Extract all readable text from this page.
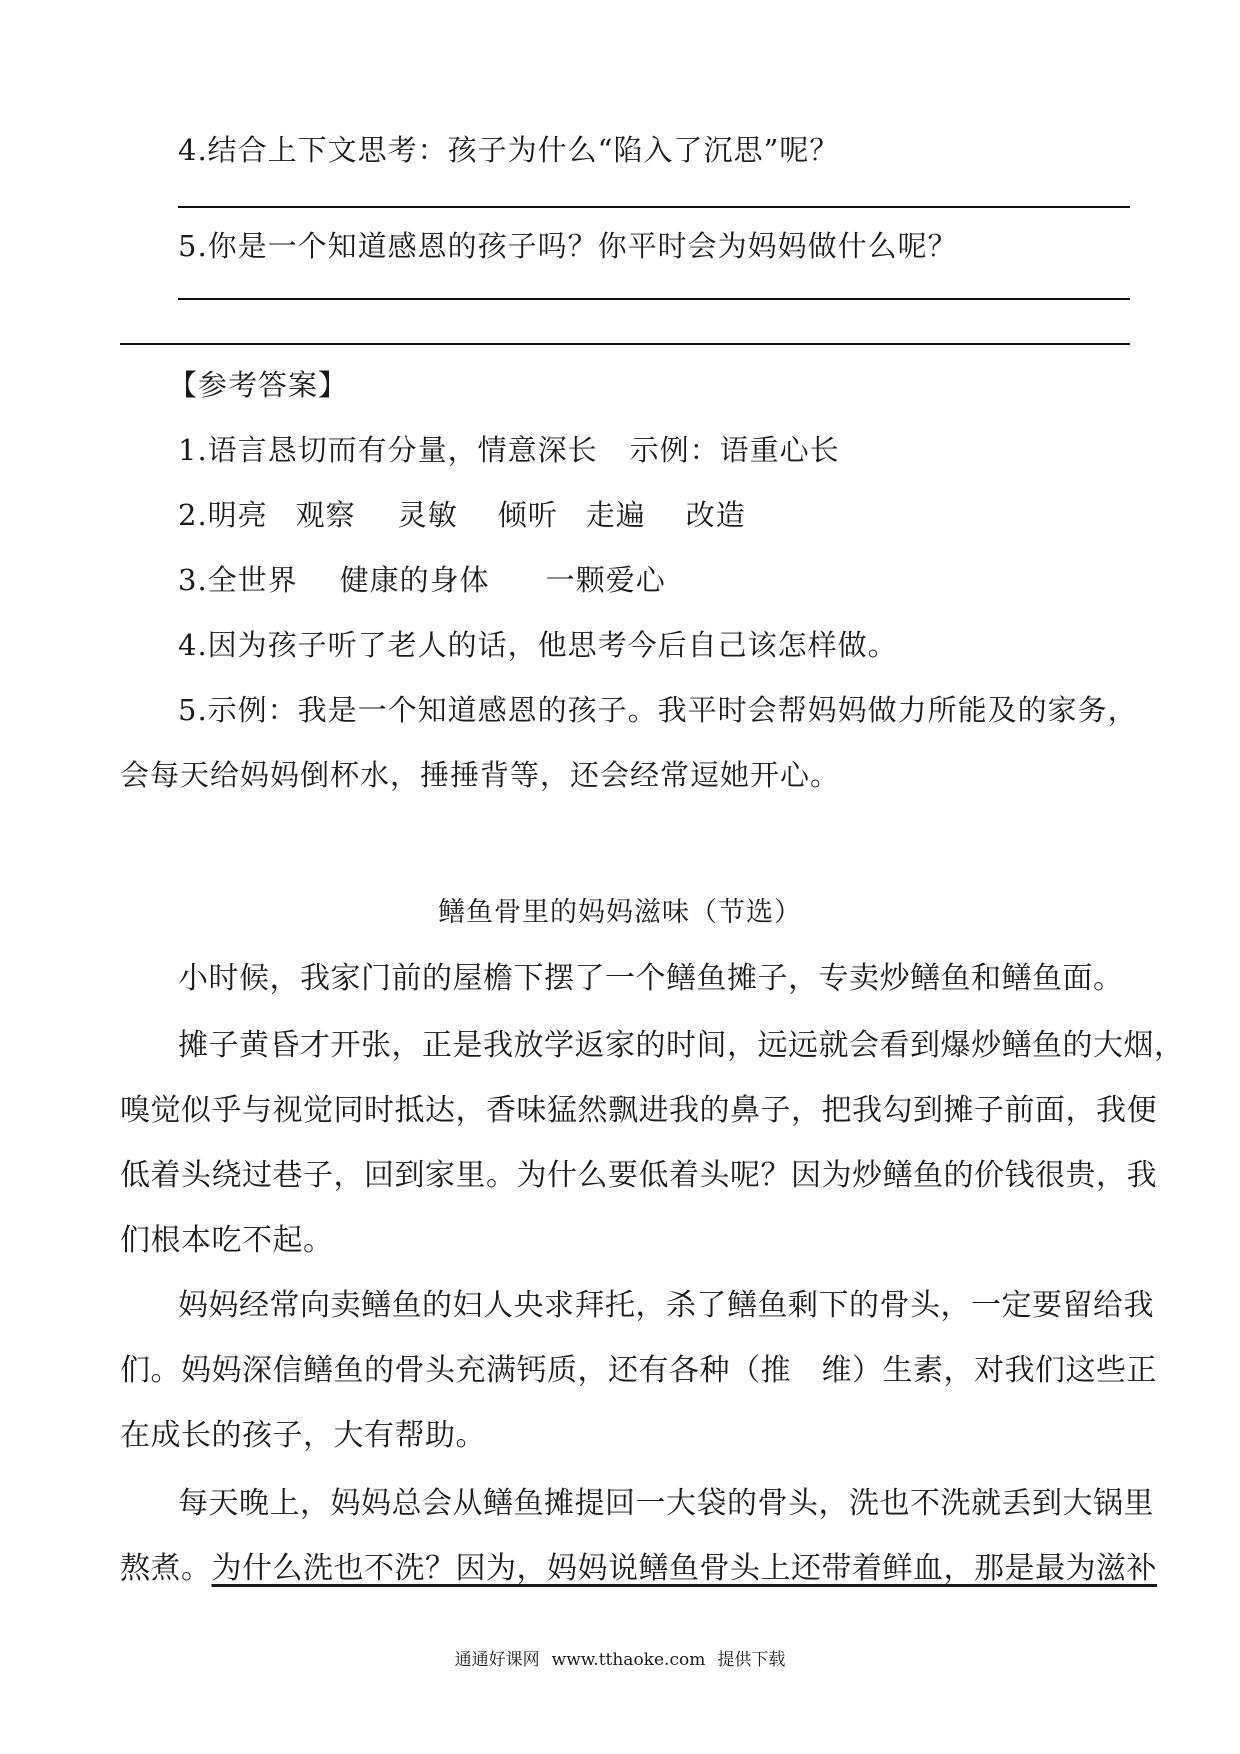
4.结合上下文思考：孩子为什么“陷入了沉思”呢？
5.你是一个知道感恩的孩子吗？你平时会为妈妈做什么呢？
【参考答案】
1.语言恳切而有分量，情意深长 示例：语重心长
2.明亮 观察 灵敏 倾听 走遍 改造
3.全世界 健康的身体 一颗爱心
4.因为孩子听了老人的话，他思考今后自己该怎样做。
5.示例：我是一个知道感恩的孩子。我平时会帮妈妈做力所能及的家务，
会每天给妈妈倒杯水，捶捶背等，还会经常逗她开心。
鳝鱼骨里的妈妈滋味（节选）
小时候，我家门前的屋檐下摆了一个鳝鱼摊子，专卖炒鳝鱼和鳝鱼面。
摊子黄昏才开张，正是我放学返家的时间，远远就会看到爆炒鳝鱼的大烟，
嗅觉似乎与视觉同时抵达，香味猛然飘进我的鼻子，把我勾到摊子前面，我便
低着头绕过巷子，回到家里。为什么要低着头呢？因为炒鳝鱼的价钱很贵，我
们根本吃不起。
妈妈经常向卖鳝鱼的妇人央求拜托，杀了鳝鱼剩下的骨头，一定要留给我
们。妈妈深信鳝鱼的骨头充满钙质，还有各种（推　维）生素，对我们这些正
在成长的孩子，大有帮助。
每天晚上，妈妈总会从鳝鱼摊提回一大袋的骨头，洗也不洗就丢到大锅里
熬煮。为什么洗也不洗？因为，妈妈说鳝鱼骨头上还带着鲜血，那是最为滋补
通通好课网 www.tthaoke.com 提供下载
